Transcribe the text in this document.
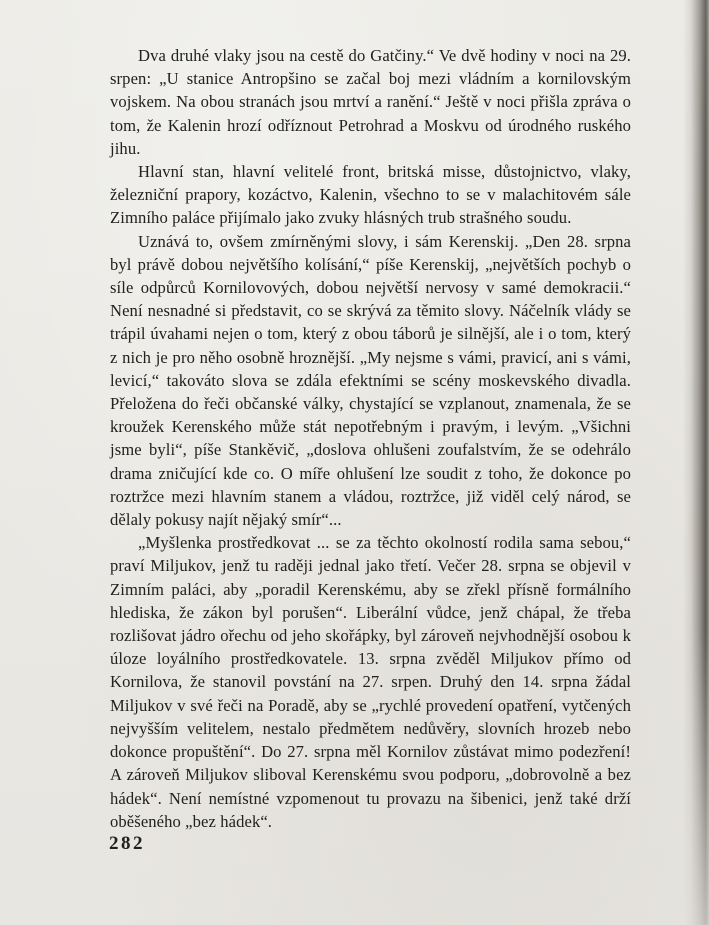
Dva druhé vlaky jsou na cestě do Gatčiny.“ Ve dvě hodiny v noci na 29. srpen: „U stanice Antropšino se začal boj mezi vládním a kornilovským vojskem. Na obou stranách jsou mrtví a ranění.“ Ještě v noci přišla zpráva o tom, že Kalenin hrozí odříznout Petrohrad a Moskvu od úrodného ruského jihu.

Hlavní stan, hlavní velitelé front, britská misse, důstojnictvo, vlaky, železniční prapory, kozáctvo, Kalenin, všechno to se v malachitovém sále Zimního paláce přijímalo jako zvuky hlásných trub strašného soudu.

Uznává to, ovšem zmírněnými slovy, i sám Kerenskij. „Den 28. srpna byl právě dobou největšího kolísání,“ píše Kerenskij, „největších pochyb o síle odpůrců Kornilovových, dobou největší nervosy v samé demokracii.“ Není nesnadné si představit, co se skrývá za těmito slovy. Náčelník vlády se trápil úvahami nejen o tom, který z obou táborů je silnější, ale i o tom, který z nich je pro něho osobně hroznější. „My nejsme s vámi, pravicí, ani s vámi, levicí,“ takováto slova se zdála efektními se scény moskevského divadla. Přeložena do řeči občanské války, chystající se vzplanout, znamenala, že se kroužek Kerenského může stát nepotřebným i pravým, i levým. „Všichni jsme byli“, píše Stankěvič, „doslova ohlušeni zoufalstvím, že se odehrálo drama zničující kde co. O míře ohlušení lze soudit z toho, že dokonce po roztržce mezi hlavním stanem a vládou, roztržce, již viděl celý národ, se dělaly pokusy najít nějaký smír“...

„Myšlenka prostředkovat ... se za těchto okolností rodila sama sebou,“ praví Miljukov, jenž tu raději jednal jako třetí. Večer 28. srpna se objevil v Zimním paláci, aby „poradil Kerenskému, aby se zřekl přísně formálního hlediska, že zákon byl porušen“. Liberální vůdce, jenž chápal, že třeba rozlišovat jádro ořechu od jeho skořápky, byl zároveň nejvhodnější osobou k úloze loyálního prostředkovatele. 13. srpna zvěděl Miljukov přímo od Kornilova, že stanovil povstání na 27. srpen. Druhý den 14. srpna žádal Miljukov v své řeči na Poradě, aby se „rychlé provedení opatření, vytčených nejvyšším velitelem, nestalo předmětem nedůvěry, slovních hrozeb nebo dokonce propuštění“. Do 27. srpna měl Kornilov zůstávat mimo podezření! A zároveň Miljukov sliboval Kerenskému svou podporu, „dobrovolně a bez hádek“. Není nemístné vzpomenout tu provazu na šibenici, jenž také drží oběšeného „bez hádek“.

282
